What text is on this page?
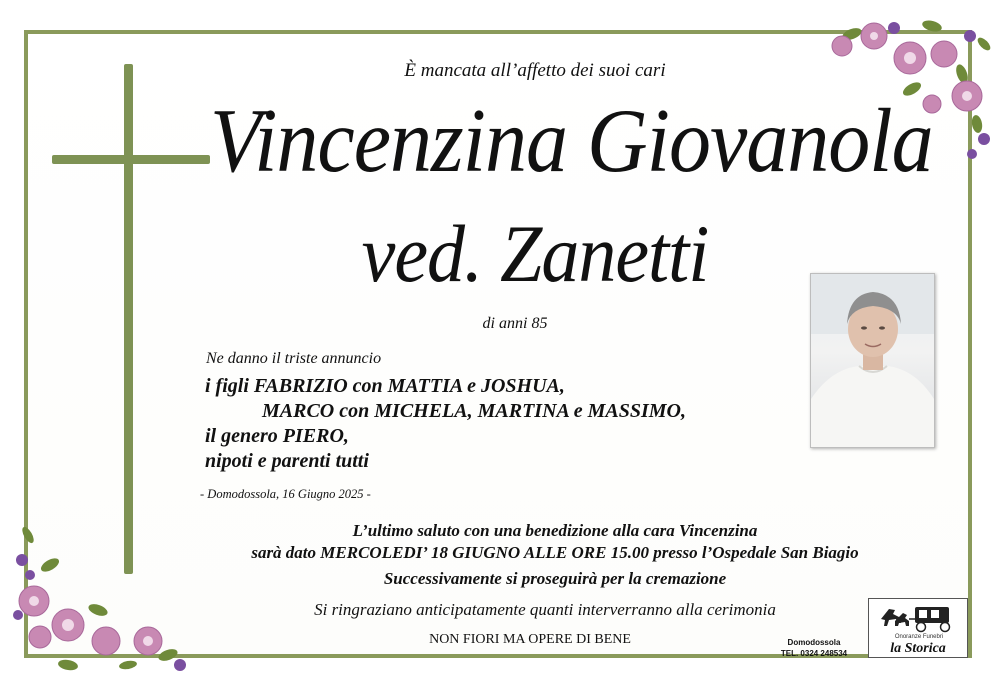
È mancata all’affetto dei suoi cari
Vincenzina Giovanola
ved. Zanetti
di anni 85
Ne danno il triste annuncio
i figli FABRIZIO con MATTIA e JOSHUA,
MARCO con MICHELA, MARTINA e MASSIMO,
il genero PIERO,
nipoti e parenti tutti
- Domodossola, 16 Giugno 2025 -
L’ultimo saluto con una benedizione alla cara Vincenzina
sarà dato MERCOLEDI’ 18 GIUGNO ALLE ORE 15.00 presso l’Ospedale San Biagio
Successivamente si proseguirà per la cremazione
Si ringraziano anticipatamente quanti interverranno alla cerimonia
NON FIORI MA OPERE DI BENE	Domodossola
TEL. 0324 248534
Onoranze Funebri
la Storica
